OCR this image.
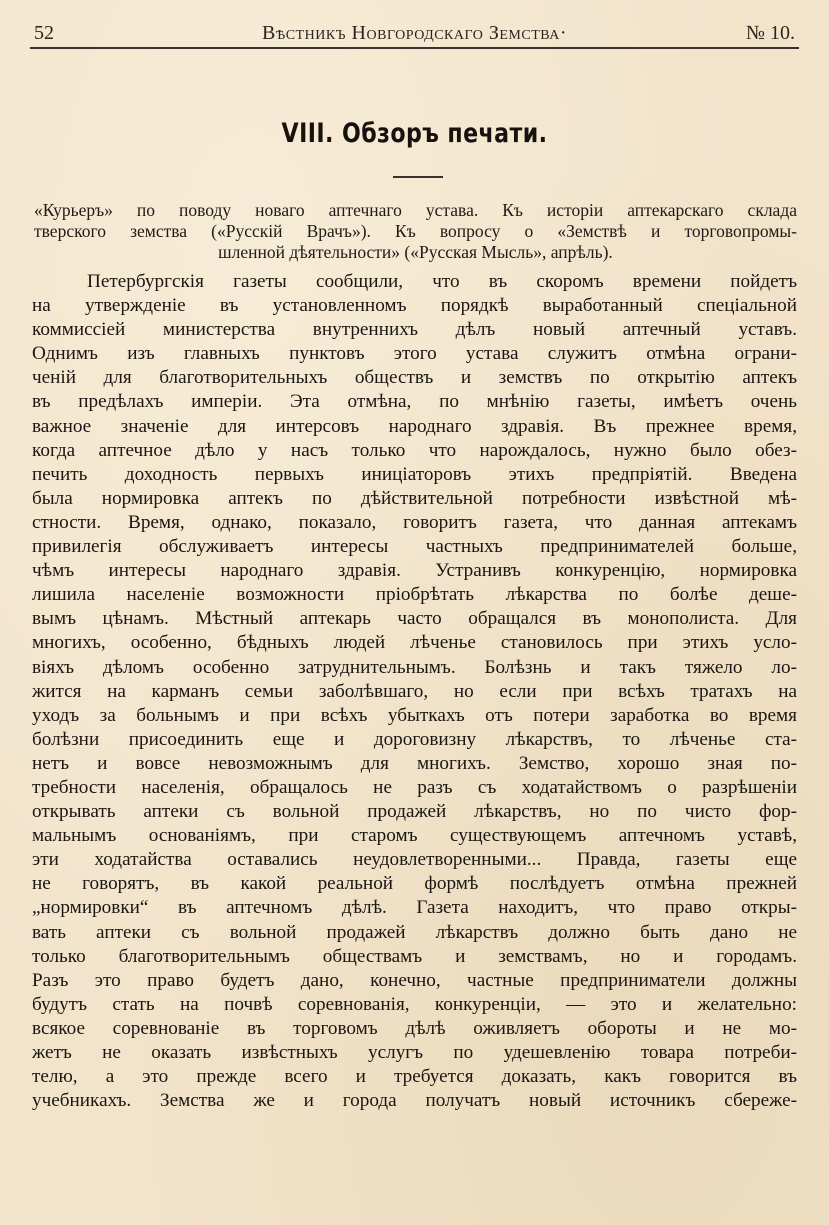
52	Вѣстникъ Новгородскаго Земства·	№ 10.
VIII. Обзоръ печати.
«Курьеръ» по поводу новаго аптечнаго устава. Къ исторіи аптекарскаго склада
тверского земства («Русскій Врачъ»). Къ вопросу о «Земствѣ и торговопромы-
шленной дѣятельности» («Русская Мысль», апрѣль).
Петербургскія газеты сообщили, что въ скоромъ времени пойдетъ
на утвержденіе въ установленномъ порядкѣ выработанный спеціальной
коммиссіей министерства внутреннихъ дѣлъ новый аптечный уставъ.
Однимъ изъ главныхъ пунктовъ этого устава служитъ отмѣна ограни-
ченій для благотворительныхъ обществъ и земствъ по открытію аптекъ
въ предѣлахъ имперіи. Эта отмѣна, по мнѣнію газеты, имѣетъ очень
важное значеніе для интерсовъ народнаго здравія. Въ прежнее время,
когда аптечное дѣло у насъ только что нарождалось, нужно было обез-
печить доходность первыхъ иниціаторовъ этихъ предпріятій. Введена
была нормировка аптекъ по дѣйствительной потребности извѣстной мѣ-
стности. Время, однако, показало, говоритъ газета, что данная аптекамъ
привилегія обслуживаетъ интересы частныхъ предпринимателей больше,
чѣмъ интересы народнаго здравія. Устранивъ конкуренцію, нормировка
лишила населеніе возможности пріобрѣтать лѣкарства по болѣе деше-
вымъ цѣнамъ. Мѣстный аптекарь часто обращался въ монополиста. Для
многихъ, особенно, бѣдныхъ людей лѣченье становилось при этихъ усло-
віяхъ дѣломъ особенно затруднительнымъ. Болѣзнь и такъ тяжело ло-
жится на карманъ семьи заболѣвшаго, но если при всѣхъ тратахъ на
уходъ за больнымъ и при всѣхъ убыткахъ отъ потери заработка во время
болѣзни присоединить еще и дороговизну лѣкарствъ, то лѣченье ста-
нетъ и вовсе невозможнымъ для многихъ. Земство, хорошо зная по-
требности населенія, обращалось не разъ съ ходатайствомъ о разрѣшеніи
открывать аптеки съ вольной продажей лѣкарствъ, но по чисто фор-
мальнымъ основаніямъ, при старомъ существующемъ аптечномъ уставѣ,
эти ходатайства оставались неудовлетворенными... Правда, газеты еще
не говорятъ, въ какой реальной формѣ послѣдуетъ отмѣна прежней
„нормировки“ въ аптечномъ дѣлѣ. Газета находитъ, что право откры-
вать аптеки съ вольной продажей лѣкарствъ должно быть дано не
только благотворительнымъ обществамъ и земствамъ, но и городамъ.
Разъ это право будетъ дано, конечно, частные предприниматели должны
будутъ стать на почвѣ соревнованія, конкуренціи, — это и желательно:
всякое соревнованіе въ торговомъ дѣлѣ оживляетъ обороты и не мо-
жетъ не оказать извѣстныхъ услугъ по удешевленію товара потреби-
телю, а это прежде всего и требуется доказать, какъ говорится въ
учебникахъ. Земства же и города получатъ новый источникъ сбереже-
